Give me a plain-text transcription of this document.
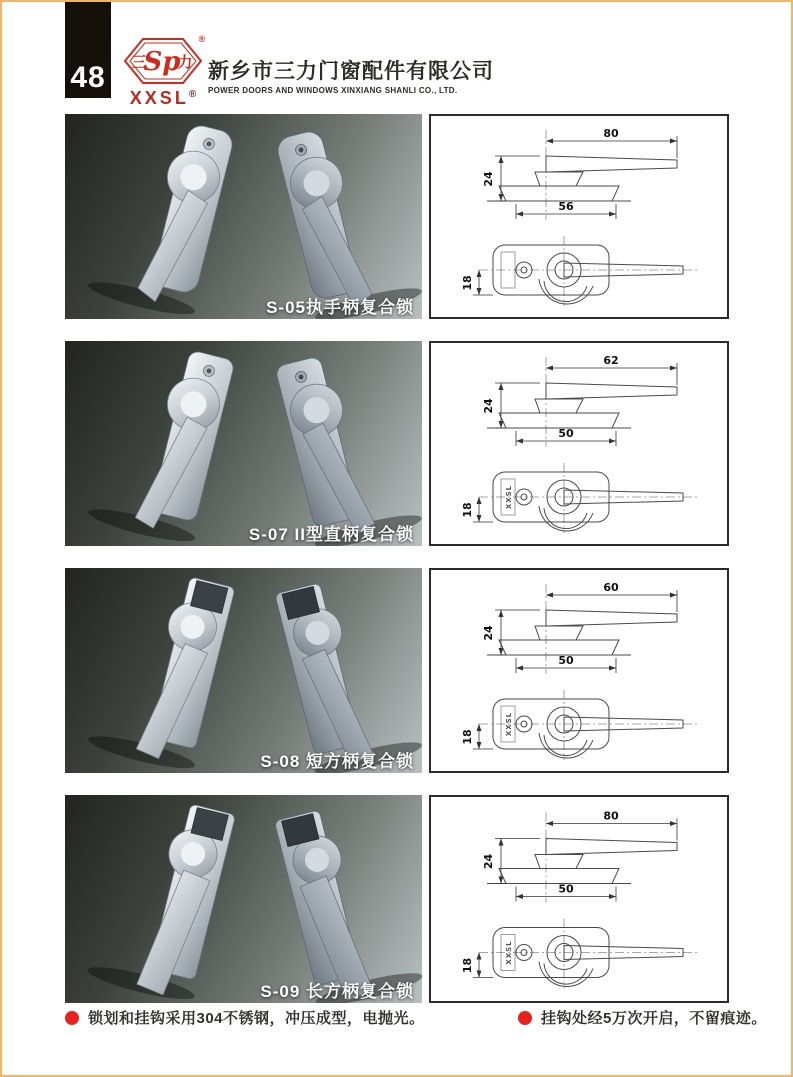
48 三
Sp
力
®
XXSL®
新乡市三力门窗配件有限公司
POWER DOORS AND WINDOWS XINXIANG SHANLI CO., LTD.
S-05执手柄复合锁
80
24
56
18
S-07 II型直柄复合锁
62
24
50
XXSL
18
S-08 短方柄复合锁
60
24
50
XXSL
18
S-09 长方柄复合锁
80
24
50
XXSL
18
锁划和挂钩采用304不锈钢，冲压成型，电抛光。	挂钩处经5万次开启，不留痕迹。
